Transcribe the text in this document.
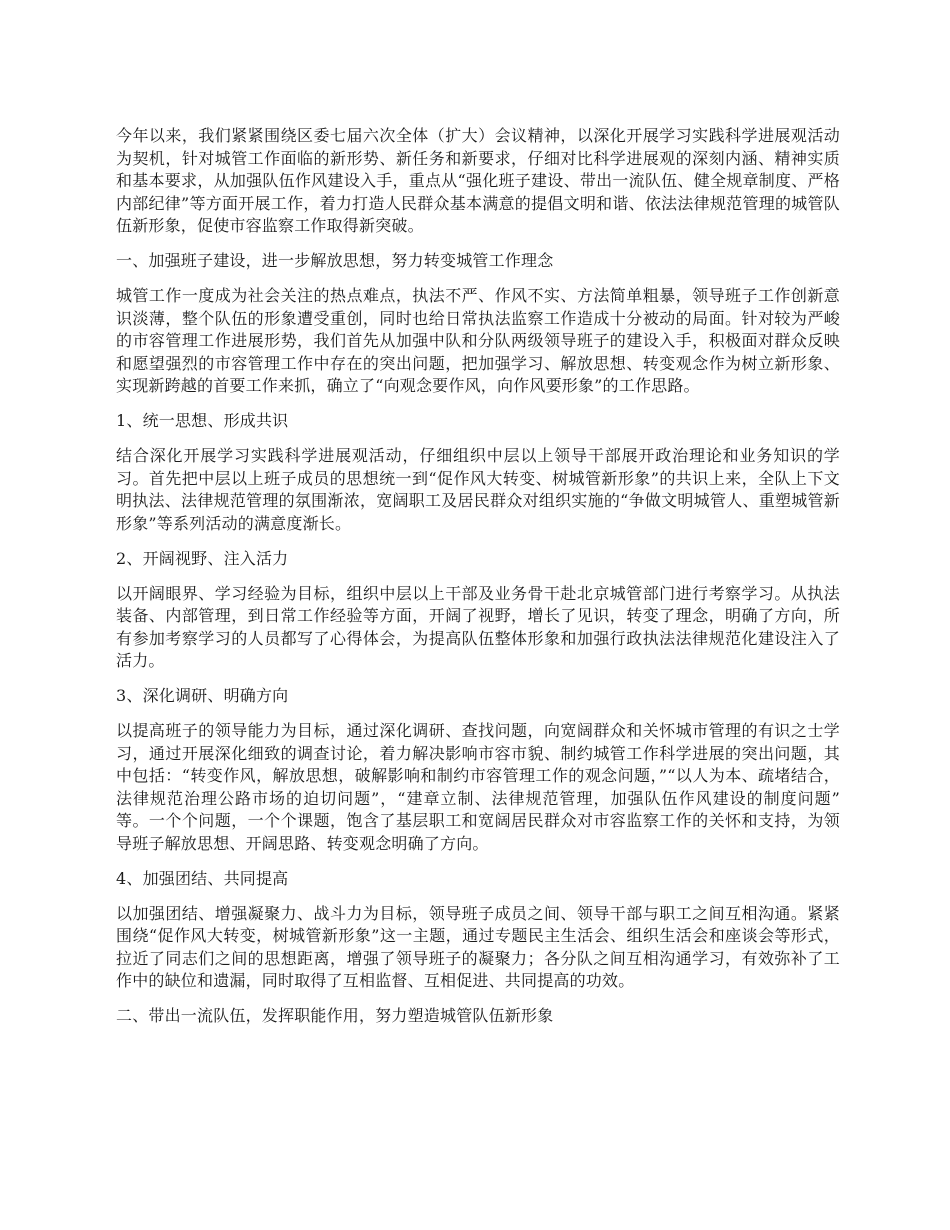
今年以来，我们紧紧围绕区委七届六次全体（扩大）会议精神，以深化开展学习实践科学进展观活动为契机，针对城管工作面临的新形势、新任务和新要求，仔细对比科学进展观的深刻内涵、精神实质和基本要求，从加强队伍作风建设入手，重点从“强化班子建设、带出一流队伍、健全规章制度、严格内部纪律”等方面开展工作，着力打造人民群众基本满意的提倡文明和谐、依法法律规范管理的城管队伍新形象，促使市容监察工作取得新突破。

一、加强班子建设，进一步解放思想，努力转变城管工作理念

城管工作一度成为社会关注的热点难点，执法不严、作风不实、方法简单粗暴，领导班子工作创新意识淡薄，整个队伍的形象遭受重创，同时也给日常执法监察工作造成十分被动的局面。针对较为严峻的市容管理工作进展形势，我们首先从加强中队和分队两级领导班子的建设入手，积极面对群众反映和愿望强烈的市容管理工作中存在的突出问题，把加强学习、解放思想、转变观念作为树立新形象、实现新跨越的首要工作来抓，确立了“向观念要作风，向作风要形象”的工作思路。

1、统一思想、形成共识

结合深化开展学习实践科学进展观活动，仔细组织中层以上领导干部展开政治理论和业务知识的学习。首先把中层以上班子成员的思想统一到“促作风大转变、树城管新形象”的共识上来，全队上下文明执法、法律规范管理的氛围渐浓，宽阔职工及居民群众对组织实施的“争做文明城管人、重塑城管新形象”等系列活动的满意度渐长。

2、开阔视野、注入活力

以开阔眼界、学习经验为目标，组织中层以上干部及业务骨干赴北京城管部门进行考察学习。从执法装备、内部管理，到日常工作经验等方面，开阔了视野，增长了见识，转变了理念，明确了方向，所有参加考察学习的人员都写了心得体会，为提高队伍整体形象和加强行政执法法律规范化建设注入了活力。

3、深化调研、明确方向

以提高班子的领导能力为目标，通过深化调研、查找问题，向宽阔群众和关怀城市管理的有识之士学习，通过开展深化细致的调查讨论，着力解决影响市容市貌、制约城管工作科学进展的突出问题，其中包括：“转变作风，解放思想，破解影响和制约市容管理工作的观念问题，”“以人为本、疏堵结合，法律规范治理公路市场的迫切问题”，“建章立制、法律规范管理，加强队伍作风建设的制度问题” 等。一个个问题，一个个课题，饱含了基层职工和宽阔居民群众对市容监察工作的关怀和支持，为领导班子解放思想、开阔思路、转变观念明确了方向。

4、加强团结、共同提高

以加强团结、增强凝聚力、战斗力为目标，领导班子成员之间、领导干部与职工之间互相沟通。紧紧围绕“促作风大转变，树城管新形象”这一主题，通过专题民主生活会、组织生活会和座谈会等形式，拉近了同志们之间的思想距离，增强了领导班子的凝聚力；各分队之间互相沟通学习，有效弥补了工作中的缺位和遗漏，同时取得了互相监督、互相促进、共同提高的功效。

二、带出一流队伍，发挥职能作用，努力塑造城管队伍新形象
